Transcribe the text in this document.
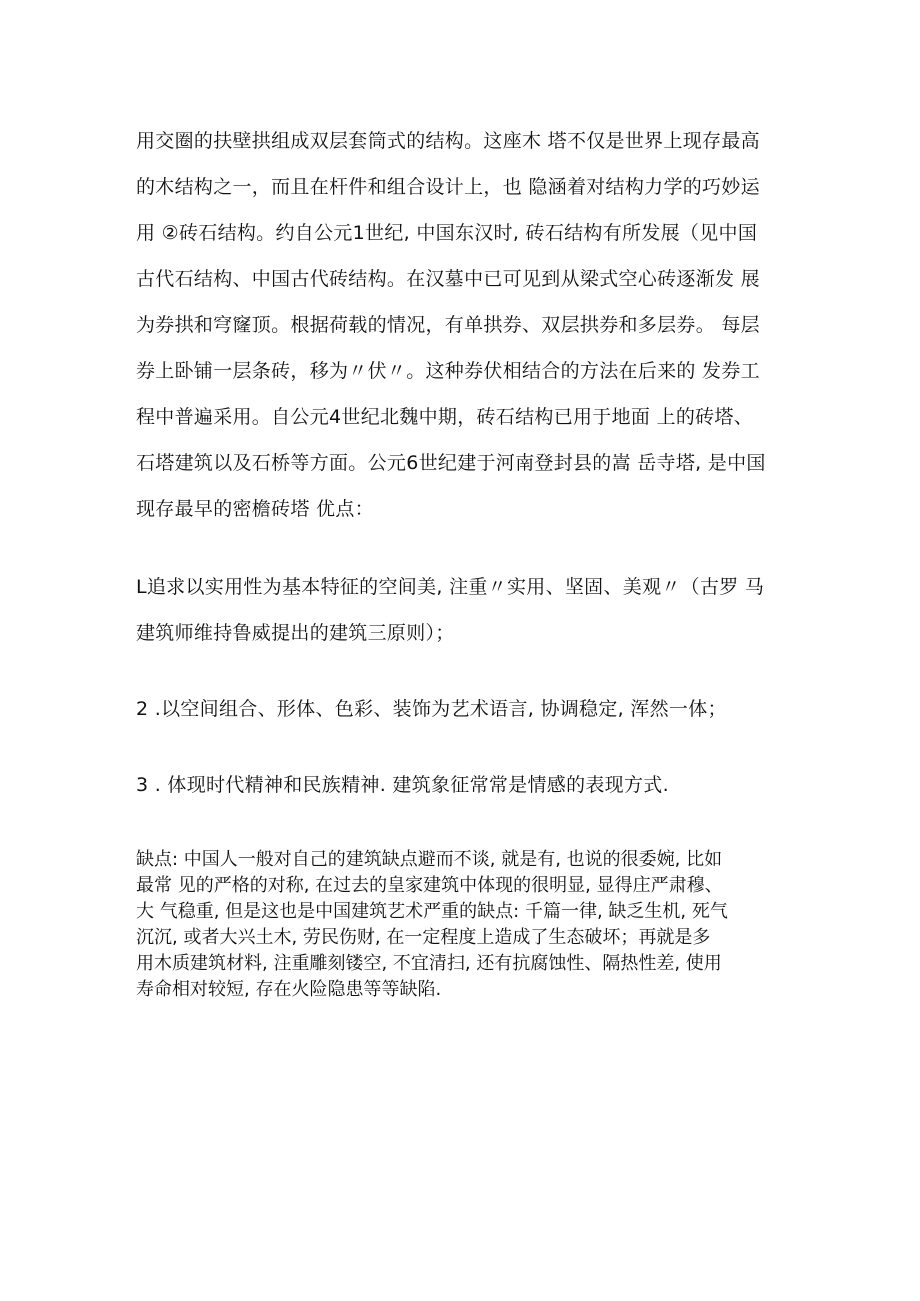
用交圈的扶壁拱组成双层套筒式的结构。这座木 塔不仅是世界上现存最高
的木结构之一，而且在杆件和组合设计上，也 隐涵着对结构力学的巧妙运
用 ②砖石结构。约自公元1世纪, 中国东汉时, 砖石结构有所发展（见中国
古代石结构、中国古代砖结构。在汉墓中已可见到从梁式空心砖逐渐发 展
为券拱和穹窿顶。根据荷载的情况，有单拱券、双层拱券和多层券。 每层
券上卧铺一层条砖，移为〃伏〃。这种券伏相结合的方法在后来的 发券工
程中普遍采用。自公元4世纪北魏中期，砖石结构已用于地面 上的砖塔、
石塔建筑以及石桥等方面。公元6世纪建于河南登封县的嵩 岳寺塔, 是中国
现存最早的密檐砖塔 优点：
L追求以实用性为基本特征的空间美, 注重〃实用、坚固、美观〃（古罗 马
建筑师维持鲁威提出的建筑三原则）；
2 .以空间组合、形体、色彩、装饰为艺术语言, 协调稳定, 浑然一体；
3 . 体现时代精神和民族精神. 建筑象征常常是情感的表现方式.
缺点: 中国人一般对自己的建筑缺点避而不谈, 就是有, 也说的很委婉, 比如
最常 见的严格的对称, 在过去的皇家建筑中体现的很明显, 显得庄严肃穆、
大 气稳重, 但是这也是中国建筑艺术严重的缺点: 千篇一律, 缺乏生机, 死气
沉沉, 或者大兴土木, 劳民伤财, 在一定程度上造成了生态破坏；再就是多
用木质建筑材料, 注重雕刻镂空, 不宜清扫, 还有抗腐蚀性、隔热性差, 使用
寿命相对较短, 存在火险隐患等等缺陷.
